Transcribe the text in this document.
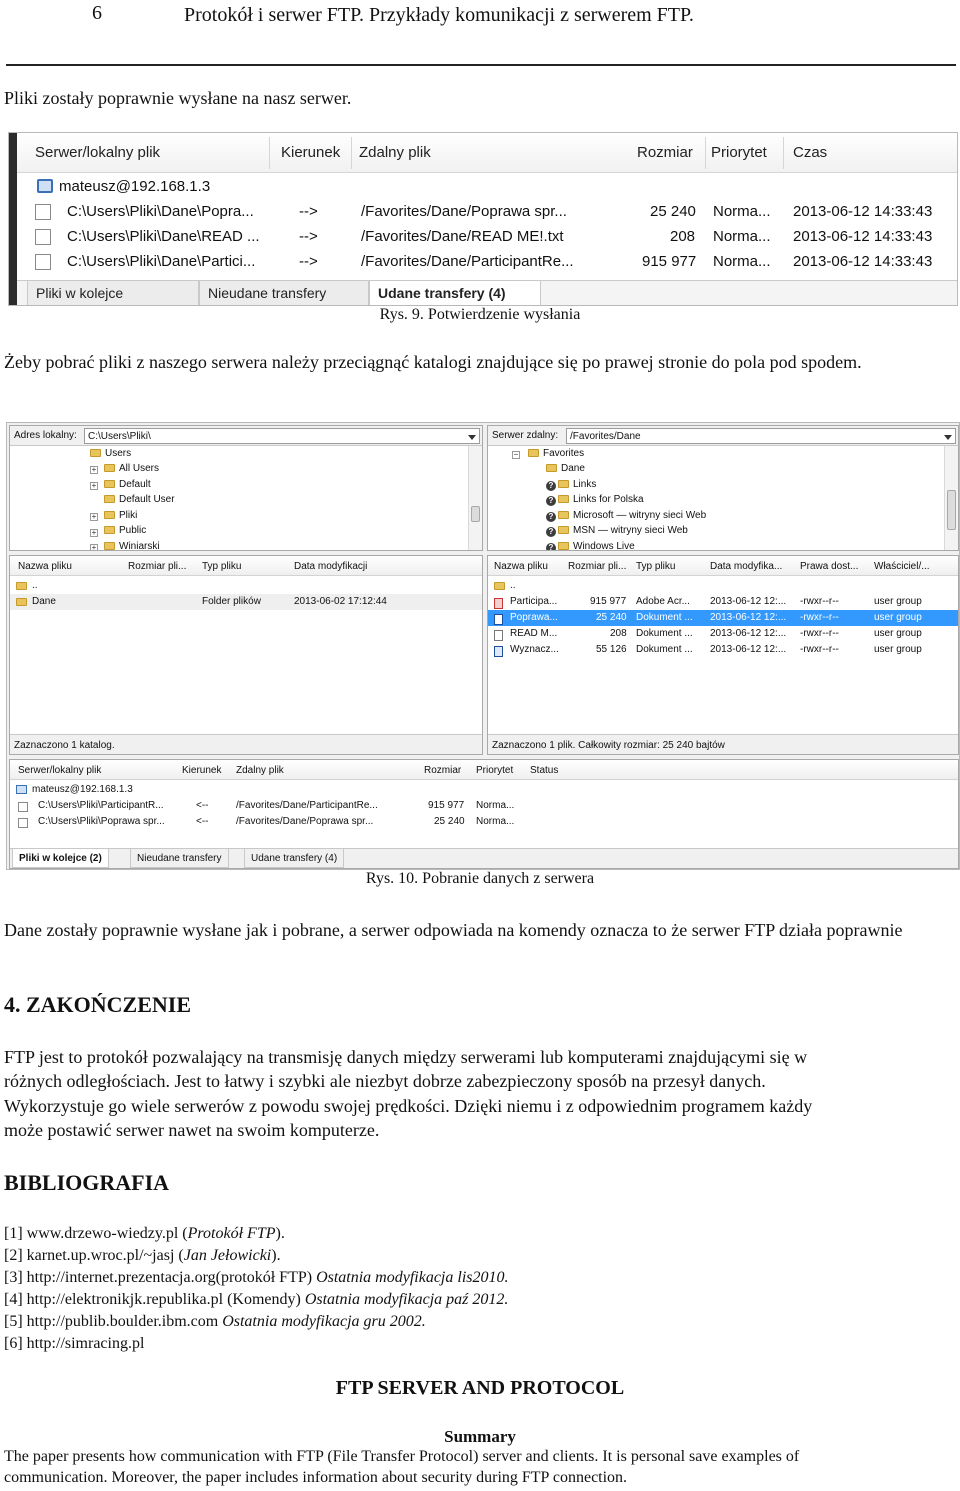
6	Protokół i serwer FTP. Przykłady komunikacji z serwerem FTP.
Pliki zostały poprawnie wysłane na nasz serwer.
Serwer/lokalny plik	Kierunek Zdalny plik	Rozmiar Priorytet Czas
mateusz@192.168.1.3
C:\Users\Pliki\Dane\Popra...	-->	/Favorites/Dane/Poprawa spr...	25 240 Norma... 2013-06-12 14:33:43
C:\Users\Pliki\Dane\READ ...	-->	/Favorites/Dane/READ ME!.txt	208 Norma... 2013-06-12 14:33:43
C:\Users\Pliki\Dane\Partici...	-->	/Favorites/Dane/ParticipantRe...	915 977 Norma... 2013-06-12 14:33:43
Pliki w kolejce	Nieudane transfery	Udane transfery (4)
Rys. 9. Potwierdzenie wysłania
Żeby pobrać pliki z naszego serwera należy przeciągnąć katalogi znajdujące się po prawej stronie do pola pod spodem.
Adres lokalny:	C:\Users\Pliki\
Users
+	All Users
+	Default
Default User
+	Pliki
+	Public
+	Winiarski
Serwer zdalny:	/Favorites/Dane
−	Favorites
Dane
? Links
? Links for Polska
? Microsoft — witryny sieci Web
? MSN — witryny sieci Web
? Windows Live
Nazwa pliku	Rozmiar pli... Typ pliku	Data modyfikacji
..
Dane	Folder plików	2013-06-02 17:12:44
Zaznaczono 1 katalog.
Nazwa pliku Rozmiar pli... Typ pliku	Data modyfika... Prawa dost... Właściciel/...
..
Participa...	915 977 Adobe Acr... 2013-06-12 12:... -rwxr--r--	user group
Poprawa...	25 240 Dokument ... 2013-06-12 12:... -rwxr--r--	user group
READ M...	208 Dokument ... 2013-06-12 12:... -rwxr--r--	user group
Wyznacz...	55 126 Dokument ... 2013-06-12 12:... -rwxr--r--	user group
Zaznaczono 1 plik. Całkowity rozmiar: 25 240 bajtów
Serwer/lokalny plik	Kierunek Zdalny plik	Rozmiar Priorytet Status
mateusz@192.168.1.3
C:\Users\Pliki\ParticipantR...	<--	/Favorites/Dane/ParticipantRe...	915 977 Norma...
C:\Users\Pliki\Poprawa spr...	<--	/Favorites/Dane/Poprawa spr...	25 240 Norma...
Pliki w kolejce (2)	Nieudane transfery	Udane transfery (4)
Rys. 10. Pobranie danych z serwera
Dane zostały poprawnie wysłane jak i pobrane, a serwer odpowiada na komendy oznacza to że serwer FTP działa poprawnie
4. ZAKOŃCZENIE
FTP jest to protokół pozwalający na transmisję danych między serwerami lub komputerami znajdującymi się w
różnych odległościach. Jest to łatwy i szybki ale niezbyt dobrze zabezpieczony sposób na przesył danych.
Wykorzystuje go wiele serwerów z powodu swojej prędkości. Dzięki niemu i z odpowiednim programem każdy
może postawić serwer nawet na swoim komputerze.
BIBLIOGRAFIA
[1] www.drzewo-wiedzy.pl (Protokół FTP).
[2] karnet.up.wroc.pl/~jasj (Jan Jełowicki).
[3] http://internet.prezentacja.org(protokół FTP) Ostatnia modyfikacja lis2010.
[4] http://elektronikjk.republika.pl (Komendy) Ostatnia modyfikacja paź 2012.
[5] http://publib.boulder.ibm.com Ostatnia modyfikacja gru 2002.
[6] http://simracing.pl
FTP SERVER AND PROTOCOL
Summary
The paper presents how communication with FTP (File Transfer Protocol) server and clients. It is personal save examples of
communication. Moreover, the paper includes information about security during FTP connection.
